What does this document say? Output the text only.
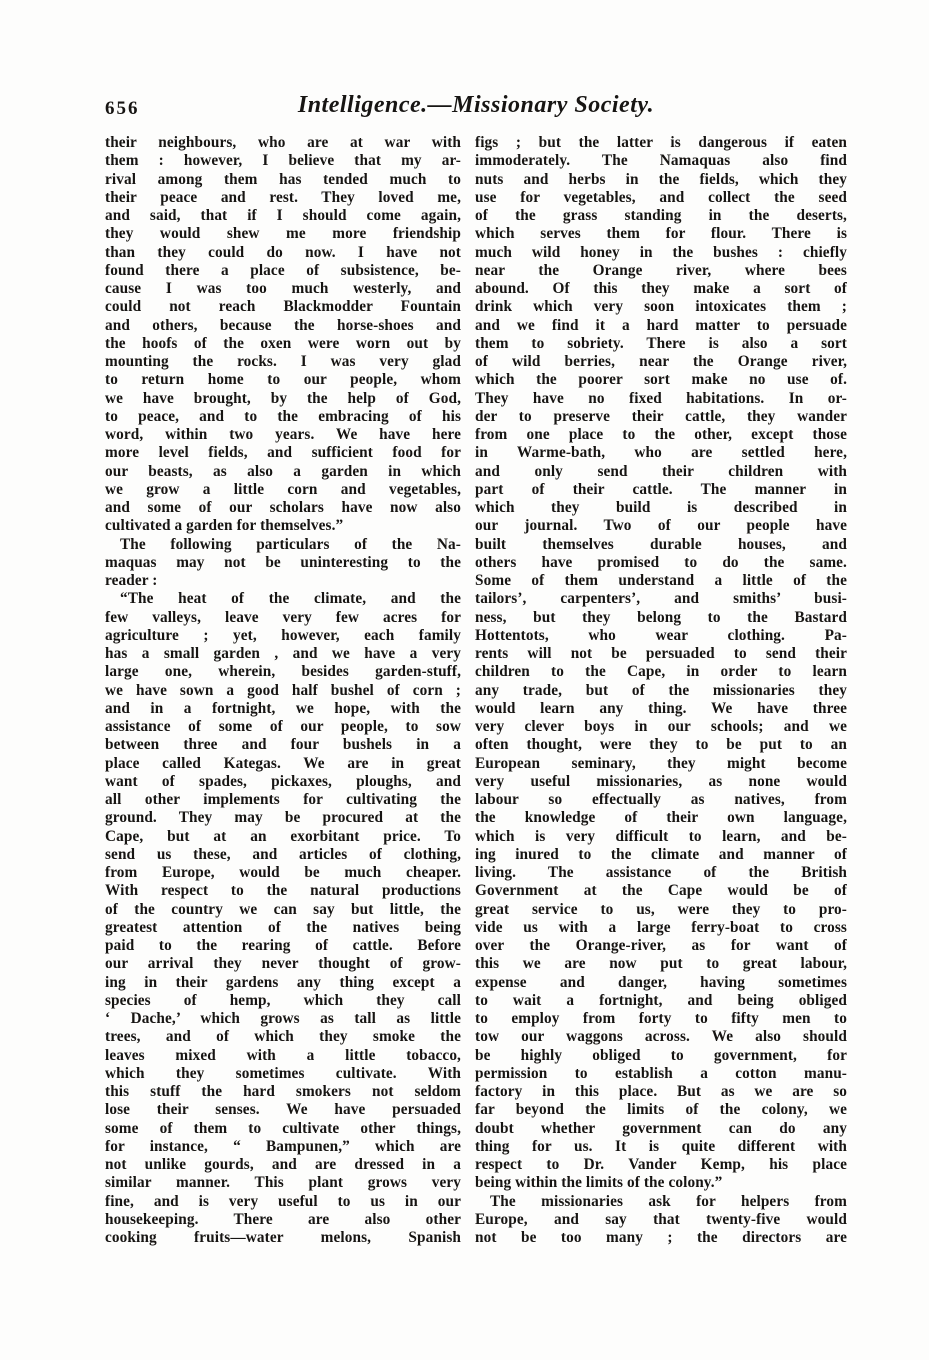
656	Intelligence.—Missionary Society.
their neighbours, who are at war with
them : however, I believe that my ar-
rival among them has tended much to
their peace and rest. They loved me,
and said, that if I should come again,
they would shew me more friendship
than they could do now. I have not
found there a place of subsistence, be-
cause I was too much westerly, and
could not reach Blackmodder Fountain
and others, because the horse-shoes and
the hoofs of the oxen were worn out by
mounting the rocks. I was very glad
to return home to our people, whom
we have brought, by the help of God,
to peace, and to the embracing of his
word, within two years. We have here
more level fields, and sufficient food for
our beasts, as also a garden in which
we grow a little corn and vegetables,
and some of our scholars have now also
cultivated a garden for themselves.”
The following particulars of the Na-
maquas may not be uninteresting to the
reader :
“The heat of the climate, and the
few valleys, leave very few acres for
agriculture ; yet, however, each family
has a small garden , and we have a very
large one, wherein, besides garden-stuff,
we have sown a good half bushel of corn ;
and in a fortnight, we hope, with the
assistance of some of our people, to sow
between three and four bushels in a
place called Kategas. We are in great
want of spades, pickaxes, ploughs, and
all other implements for cultivating the
ground. They may be procured at the
Cape, but at an exorbitant price. To
send us these, and articles of clothing,
from Europe, would be much cheaper.
With respect to the natural productions
of the country we can say but little, the
greatest attention of the natives being
paid to the rearing of cattle. Before
our arrival they never thought of grow-
ing in their gardens any thing except a
species of hemp, which they call
‘ Dache,’ which grows as tall as little
trees, and of which they smoke the
leaves mixed with a little tobacco,
which they sometimes cultivate. With
this stuff the hard smokers not seldom
lose their senses. We have persuaded
some of them to cultivate other things,
for instance, “ Bampunen,” which are
not unlike gourds, and are dressed in a
similar manner. This plant grows very
fine, and is very useful to us in our
housekeeping. There are also other
cooking fruits—water melons, Spanish
figs ; but the latter is dangerous if eaten
immoderately. The Namaquas also find
nuts and herbs in the fields, which they
use for vegetables, and collect the seed
of the grass standing in the deserts,
which serves them for flour. There is
much wild honey in the bushes : chiefly
near the Orange river, where bees
abound. Of this they make a sort of
drink which very soon intoxicates them ;
and we find it a hard matter to persuade
them to sobriety. There is also a sort
of wild berries, near the Orange river,
which the poorer sort make no use of.
They have no fixed habitations. In or-
der to preserve their cattle, they wander
from one place to the other, except those
in Warme-bath, who are settled here,
and only send their children with
part of their cattle. The manner in
which they build is described in
our journal. Two of our people have
built themselves durable houses, and
others have promised to do the same.
Some of them understand a little of the
tailors’, carpenters’, and smiths’ busi-
ness, but they belong to the Bastard
Hottentots, who wear clothing. Pa-
rents will not be persuaded to send their
children to the Cape, in order to learn
any trade, but of the missionaries they
would learn any thing. We have three
very clever boys in our schools; and we
often thought, were they to be put to an
European seminary, they might become
very useful missionaries, as none would
labour so effectually as natives, from
the knowledge of their own language,
which is very difficult to learn, and be-
ing inured to the climate and manner of
living. The assistance of the British
Government at the Cape would be of
great service to us, were they to pro-
vide us with a large ferry-boat to cross
over the Orange-river, as for want of
this we are now put to great labour,
expense and danger, having sometimes
to wait a fortnight, and being obliged
to employ from forty to fifty men to
tow our waggons across. We also should
be highly obliged to government, for
permission to establish a cotton manu-
factory in this place. But as we are so
far beyond the limits of the colony, we
doubt whether government can do any
thing for us. It is quite different with
respect to Dr. Vander Kemp, his place
being within the limits of the colony.”
The missionaries ask for helpers from
Europe, and say that twenty-five would
not be too many ; the directors are
